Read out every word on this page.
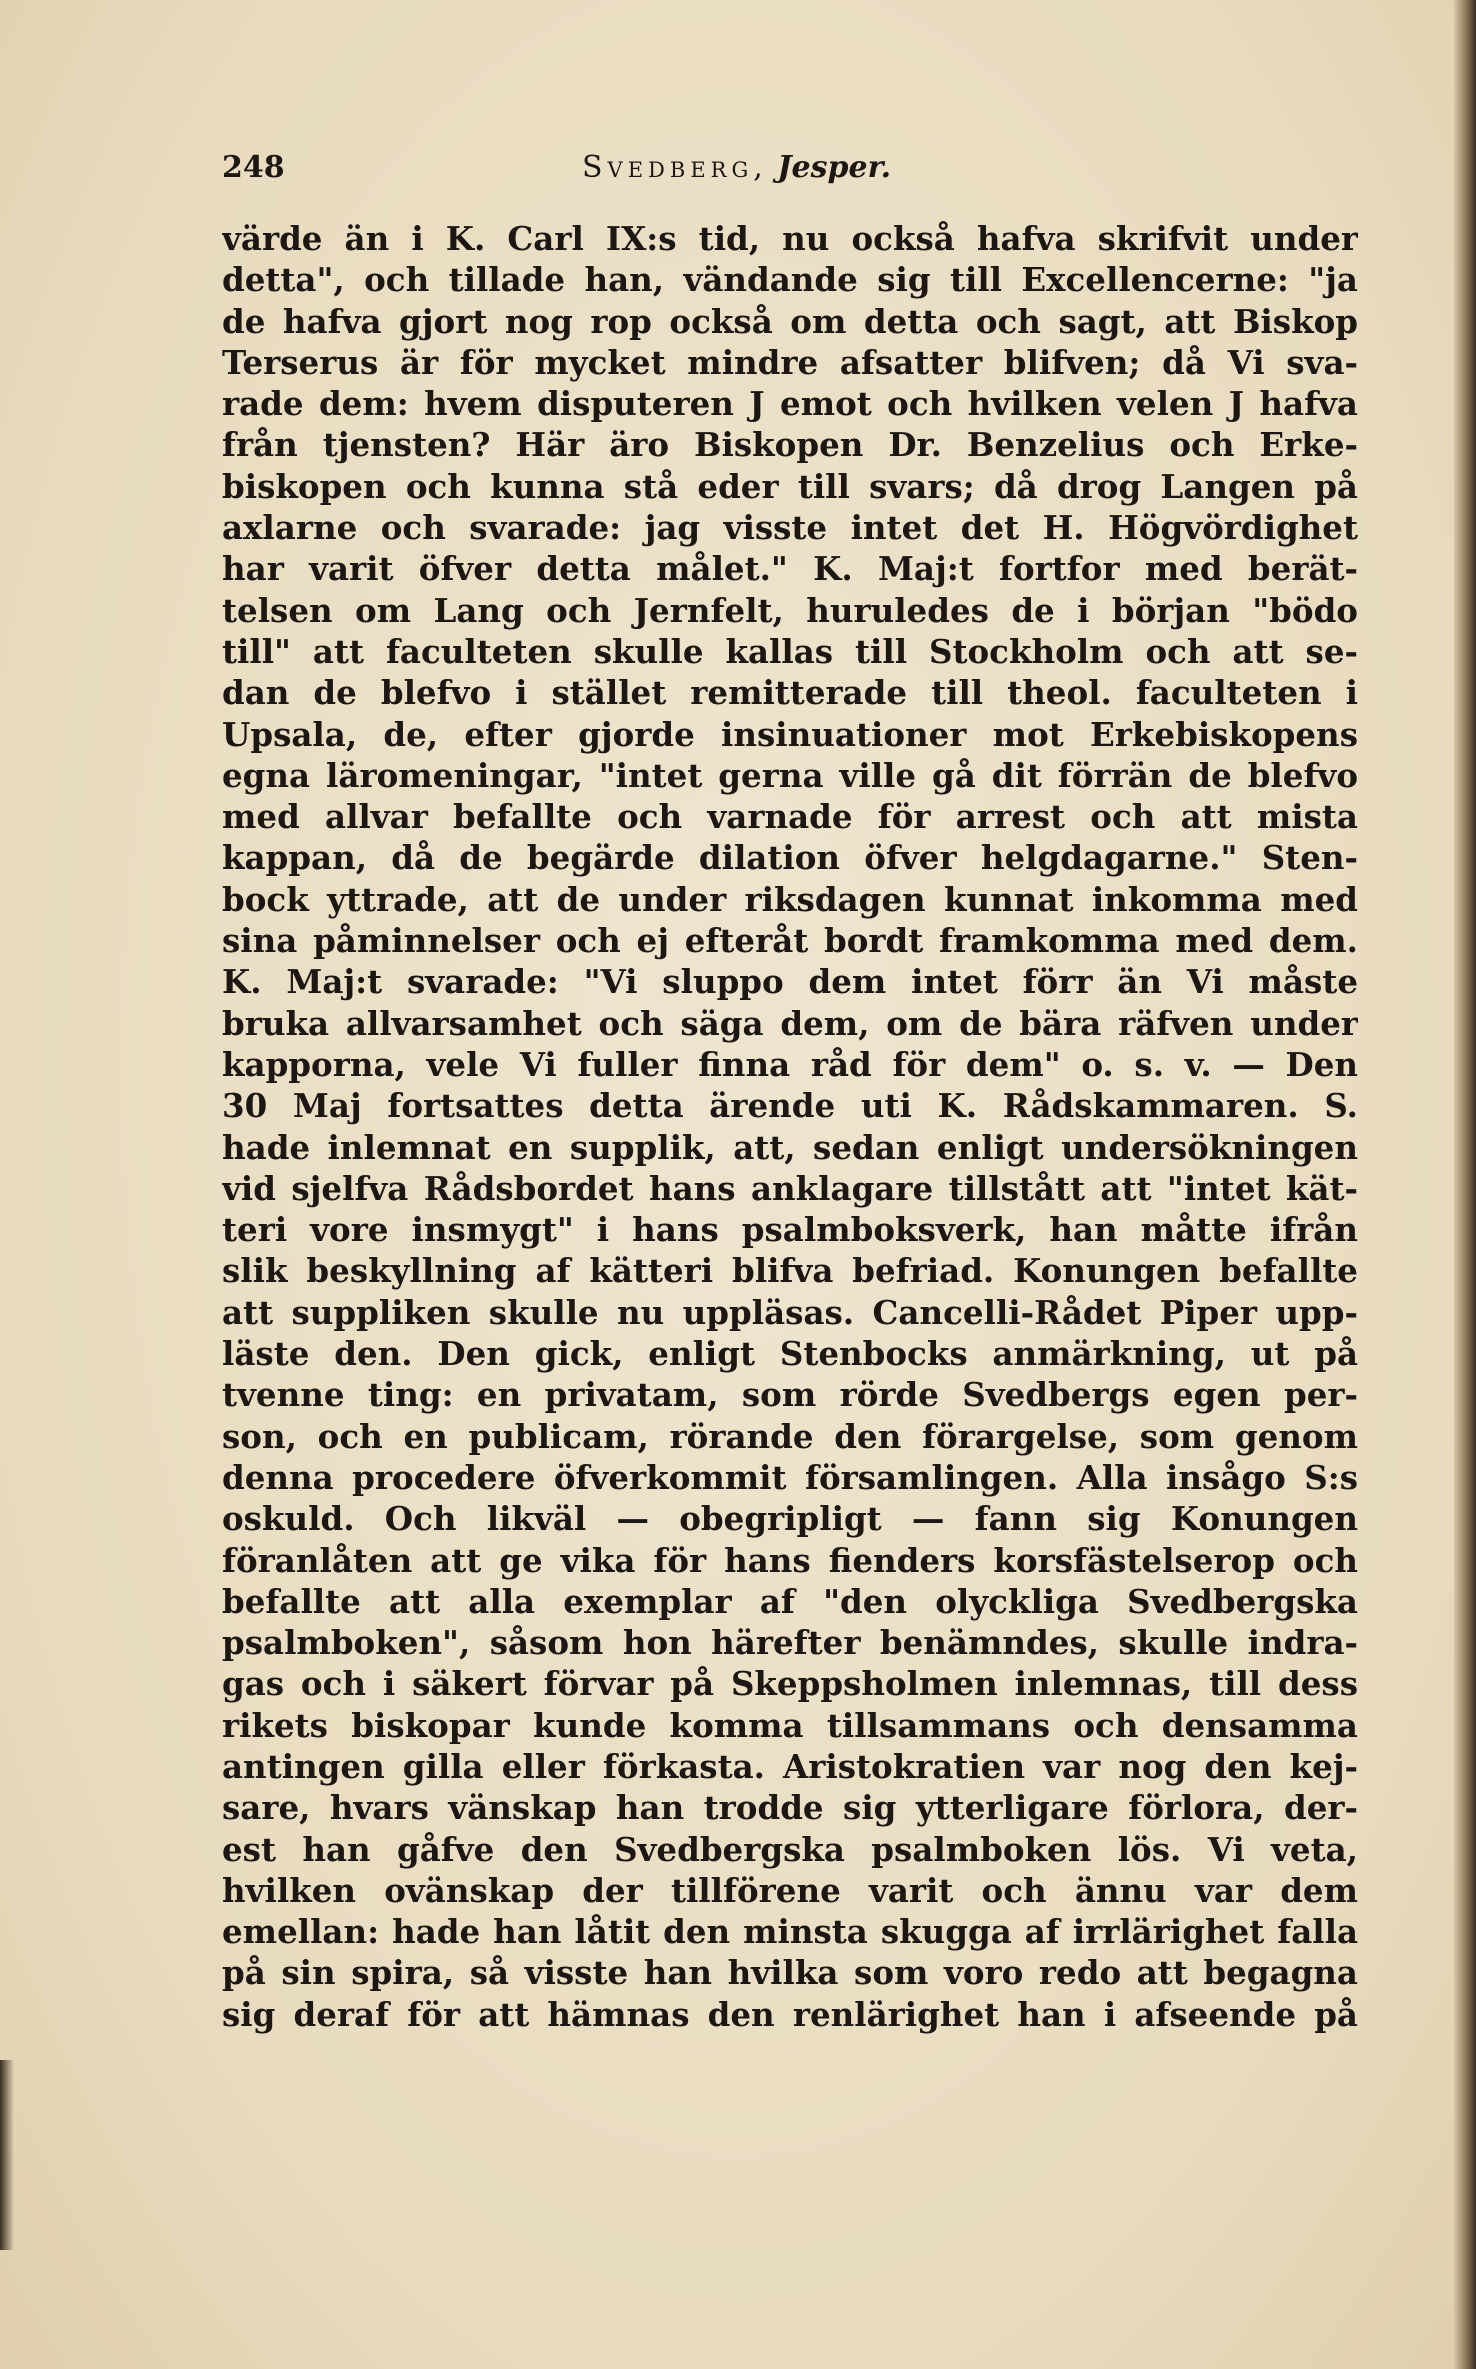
248	Svedberg, Jesper.
värde än i K. Carl IX:s tid, nu också hafva skrifvit under
detta", och tillade han, vändande sig till Excellencerne: "ja
de hafva gjort nog rop också om detta och sagt, att Biskop
Terserus är för mycket mindre afsatter blifven; då Vi sva-
rade dem: hvem disputeren J emot och hvilken velen J hafva
från tjensten? Här äro Biskopen Dr. Benzelius och Erke-
biskopen och kunna stå eder till svars; då drog Langen på
axlarne och svarade: jag visste intet det H. Högvördighet
har varit öfver detta målet." K. Maj:t fortfor med berät-
telsen om Lang och Jernfelt, huruledes de i början "bödo
till" att faculteten skulle kallas till Stockholm och att se-
dan de blefvo i stället remitterade till theol. faculteten i
Upsala, de, efter gjorde insinuationer mot Erkebiskopens
egna läromeningar, "intet gerna ville gå dit förrän de blefvo
med allvar befallte och varnade för arrest och att mista
kappan, då de begärde dilation öfver helgdagarne." Sten-
bock yttrade, att de under riksdagen kunnat inkomma med
sina påminnelser och ej efteråt bordt framkomma med dem.
K. Maj:t svarade: "Vi sluppo dem intet förr än Vi måste
bruka allvarsamhet och säga dem, om de bära räfven under
kapporna, vele Vi fuller finna råd för dem" o. s. v. — Den
30 Maj fortsattes detta ärende uti K. Rådskammaren. S.
hade inlemnat en supplik, att, sedan enligt undersökningen
vid sjelfva Rådsbordet hans anklagare tillstått att "intet kät-
teri vore insmygt" i hans psalmboksverk, han måtte ifrån
slik beskyllning af kätteri blifva befriad. Konungen befallte
att suppliken skulle nu uppläsas. Cancelli-Rådet Piper upp-
läste den. Den gick, enligt Stenbocks anmärkning, ut på
tvenne ting: en privatam, som rörde Svedbergs egen per-
son, och en publicam, rörande den förargelse, som genom
denna procedere öfverkommit församlingen. Alla insågo S:s
oskuld. Och likväl — obegripligt — fann sig Konungen
föranlåten att ge vika för hans fienders korsfästelserop och
befallte att alla exemplar af "den olyckliga Svedbergska
psalmboken", såsom hon härefter benämndes, skulle indra-
gas och i säkert förvar på Skeppsholmen inlemnas, till dess
rikets biskopar kunde komma tillsammans och densamma
antingen gilla eller förkasta. Aristokratien var nog den kej-
sare, hvars vänskap han trodde sig ytterligare förlora, der-
est han gåfve den Svedbergska psalmboken lös. Vi veta,
hvilken ovänskap der tillförene varit och ännu var dem
emellan: hade han låtit den minsta skugga af irrlärighet falla
på sin spira, så visste han hvilka som voro redo att begagna
sig deraf för att hämnas den renlärighet han i afseende på
